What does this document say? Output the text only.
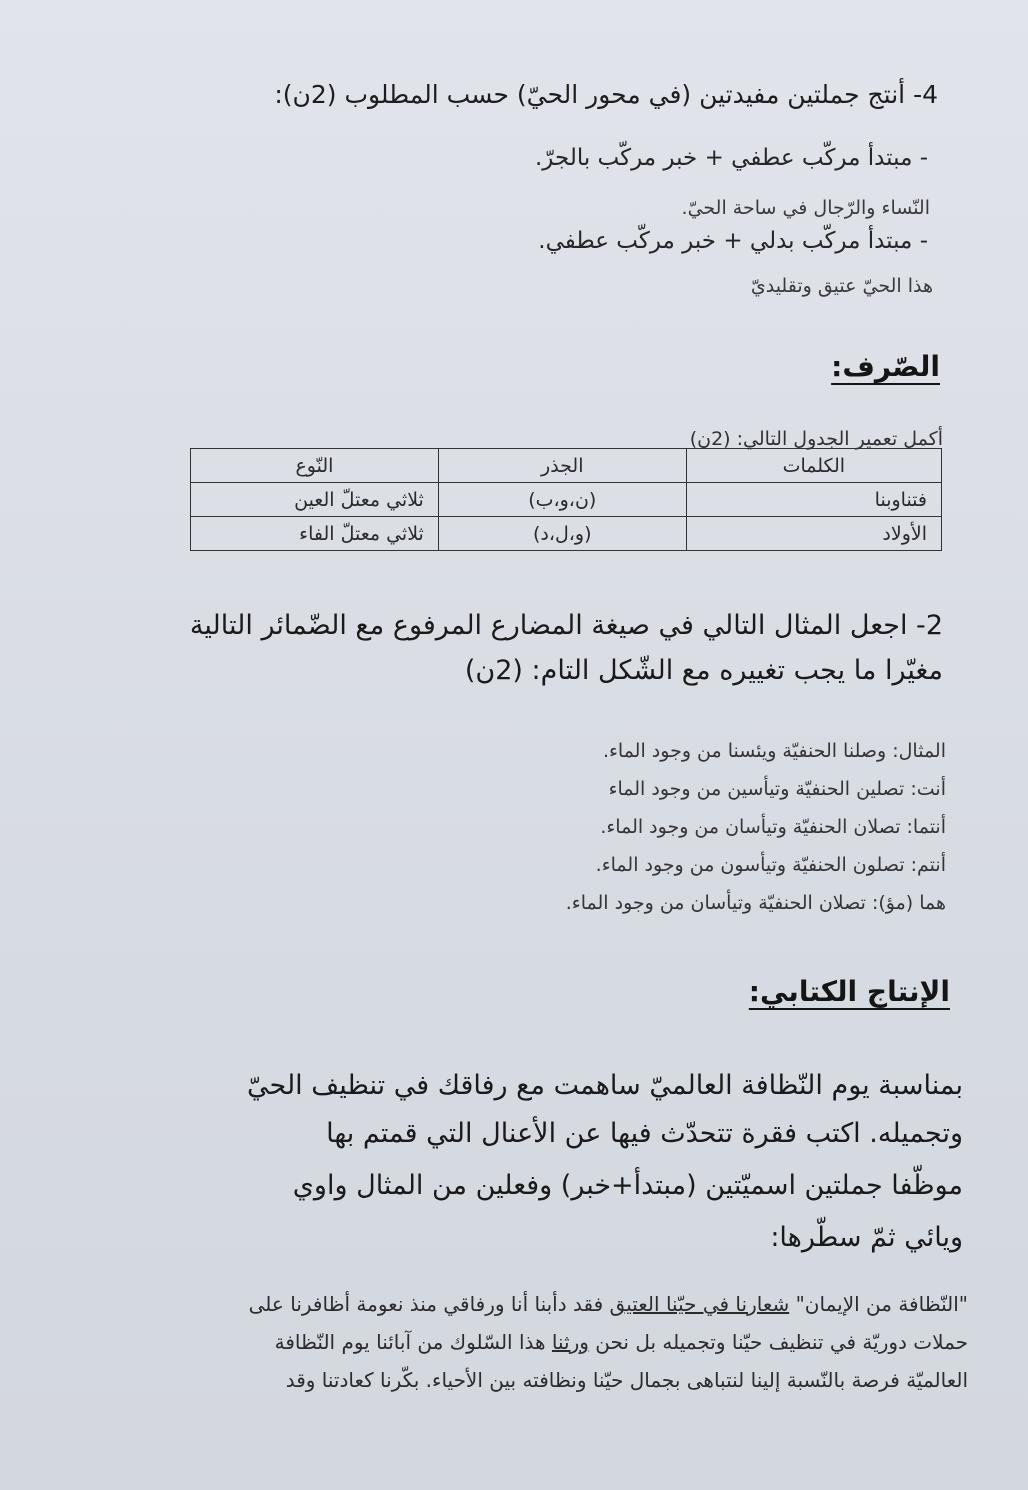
4- أنتج جملتين مفيدتين (في محور الحيّ) حسب المطلوب (2ن):
- مبتدأ مركّب عطفي + خبر مركّب بالجرّ.
النّساء والرّجال في ساحة الحيّ.
- مبتدأ مركّب بدلي + خبر مركّب عطفي.
هذا الحيّ عتيق وتقليديّ
الصّرف:
أكمل تعمير الجدول التالي: (2ن)
الكلمات	الجذر	النّوع
فتناوبنا	(ن،و،ب)	ثلاثي معتلّ العين
الأولاد	(و،ل،د)	ثلاثي معتلّ الفاء
2- اجعل المثال التالي في صيغة المضارع المرفوع مع الضّمائر التالية
مغيّرا ما يجب تغييره مع الشّكل التام: (2ن)
المثال: وصلنا الحنفيّة ويئسنا من وجود الماء.
أنت: تصلين الحنفيّة وتيأسين من وجود الماء
أنتما: تصلان الحنفيّة وتيأسان من وجود الماء.
أنتم: تصلون الحنفيّة وتيأسون من وجود الماء.
هما (مؤ): تصلان الحنفيّة وتيأسان من وجود الماء.
الإنتاج الكتابي:
بمناسبة يوم النّظافة العالميّ ساهمت مع رفاقك في تنظيف الحيّ
وتجميله. اكتب فقرة تتحدّث فيها عن الأعنال التي قمتم بها
موظّفا جملتين اسميّتين (مبتدأ+خبر) وفعلين من المثال واوي
ويائي ثمّ سطّرها:
"النّظافة من الإيمان" شعارنا في حيّنا العتيق فقد دأبنا أنا ورفاقي منذ نعومة أظافرنا على
حملات دوريّة في تنظيف حيّنا وتجميله بل نحن ورثنا هذا السّلوك من آبائنا يوم النّظافة
العالميّة فرصة بالنّسبة إلينا لنتباهى بجمال حيّنا ونظافته بين الأحياء. بكّرنا كعادتنا وقد
